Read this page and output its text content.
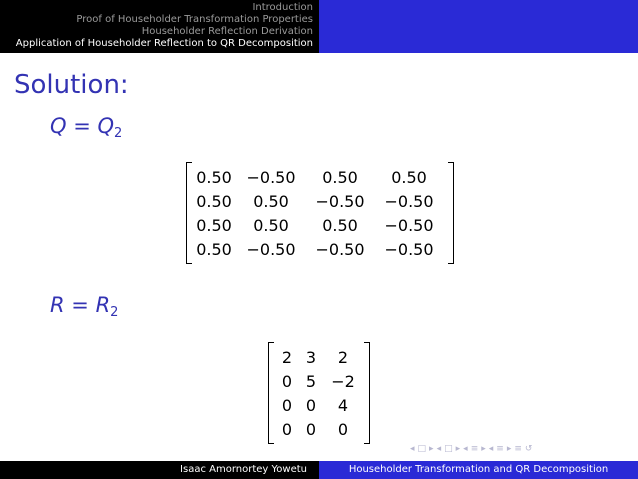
Introduction
Proof of Householder Transformation Properties
Householder Reflection Derivation
Application of Householder Reflection to QR Decomposition
Solution:
$Q = Q_2$
0.50	−0.50	0.50	0.50
0.50	0.50	−0.50	−0.50
0.50	0.50	0.50	−0.50
0.50	−0.50	−0.50	−0.50
$R = R_2$
2	3	2
0	5	−2
0	0	4
0	0	0
◂ □ ▸ ◂ □ ▸ ◂ ≡ ▸ ◂ ≡ ▸ ≡ ↺
Isaac Amornortey Yowetu	Householder Transformation and QR Decomposition
